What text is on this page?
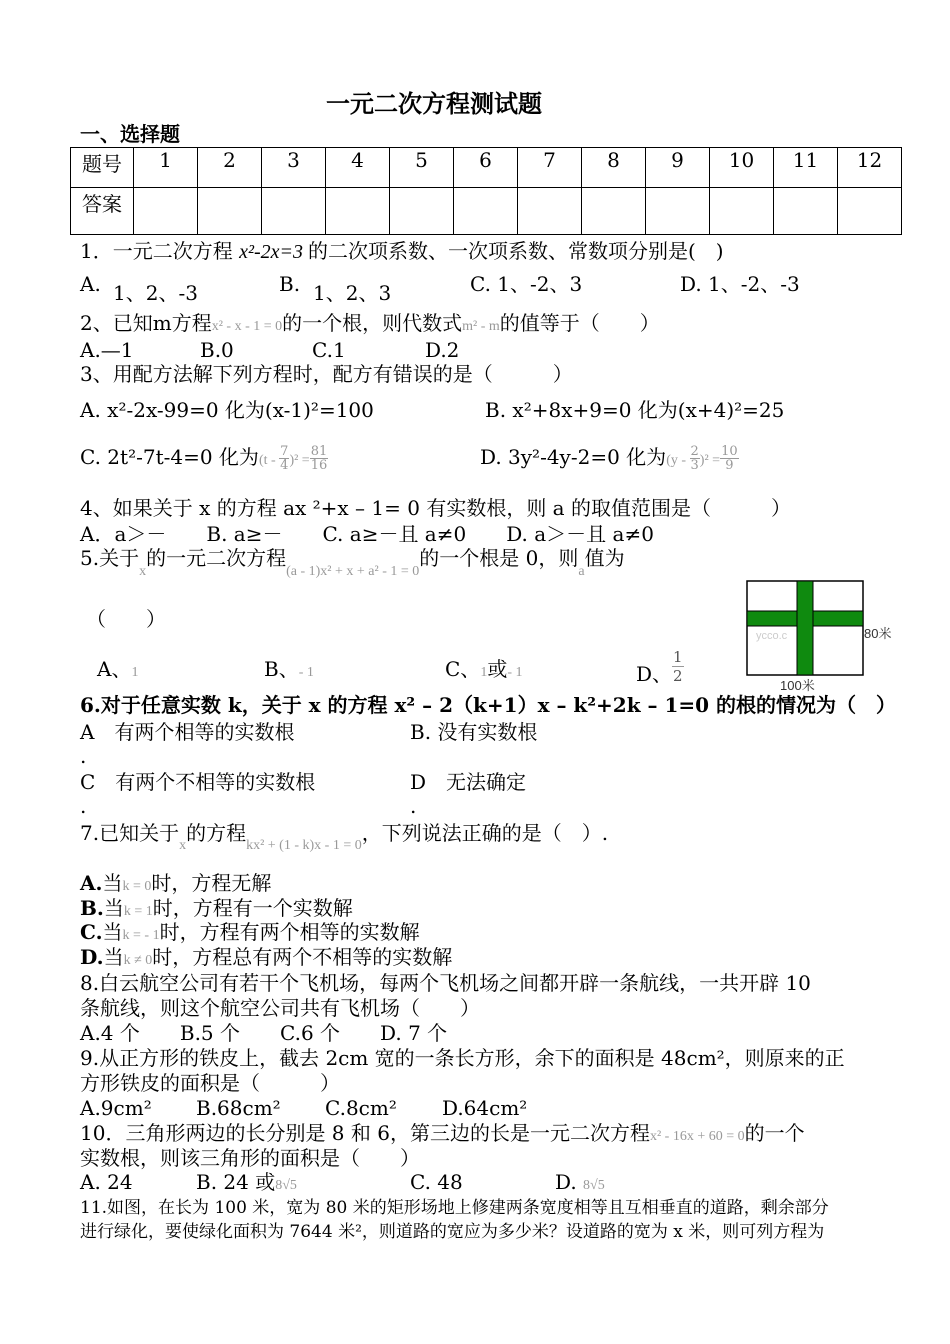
一元二次方程测试题
一、选择题
题号	1	2	3	4	5	6	7	8	9	10	11	12
答案												
1．一元二次方程 x²-2x=3 的二次项系数、一次项系数、常数项分别是(　)
A. 1、2、-3	B. 1、2、3	C. 1、-2、3	D. 1、-2、-3
2、已知m方程x² - x - 1 = 0的一个根，则代数式m² - m的值等于（　　）
A.—1	B.0	C.1	D.2
3、用配方法解下列方程时，配方有错误的是（　　　）
A. x²-2x-99=0 化为(x-1)²=100	B. x²+8x+9=0 化为(x+4)²=25
C. 2t²-7t-4=0 化为$(t - \frac{7}{4} )^2 = \frac{81}{16}$	D. 3y²-4y-2=0 化为$(y - \frac{2}{3} )^2 = \frac{10}{9}$
4、如果关于 x 的方程 ax ²+x – 1= 0 有实数根，则 a 的取值范围是（　　　）
A．a＞－　　B. a≥－　　C. a≥－且 a≠0　　D. a＞－且 a≠0
5.关于$_x$的一元二次方程$_{(a - 1)x^2 + x + a^2 - 1 = 0}$的一个根是 0，则$_a$值为
（　　）
A、1	B、- 1	C、1或- 1	D、 $\frac{1}{2}$
ycco.c	80米
100米
6.对于任意实数 k，关于 x 的方程 x² – 2（k+1）x – k²+2k – 1=0 的根的情况为（　）
A　有两个相等的实数根	B. 没有实数根
.
C　有两个不相等的实数根	D　无法确定
.	.
7.已知关于$_x$的方程$_{kx^2 + (1 - k)x - 1 = 0}$，下列说法正确的是（　）.
A.当k = 0时，方程无解
B.当k = 1时，方程有一个实数解
C.当k = - 1时，方程有两个相等的实数解
D.当k ≠ 0时，方程总有两个不相等的实数解
8.白云航空公司有若干个飞机场，每两个飞机场之间都开辟一条航线，一共开辟 10
条航线，则这个航空公司共有飞机场（　　）
A.4 个　　B.5 个　　C.6 个　　D. 7 个
9.从正方形的铁皮上，截去 2cm 宽的一条长方形，余下的面积是 48cm²，则原来的正
方形铁皮的面积是（　　　）
A.9cm² B.68cm² C.8cm² D.64cm²
10．三角形两边的长分别是 8 和 6，第三边的长是一元二次方程x² - 16x + 60 = 0的一个
实数根，则该三角形的面积是（　　）
A. 24	B. 24 或8√5	C. 48	D. 8√5
11.如图，在长为 100 米，宽为 80 米的矩形场地上修建两条宽度相等且互相垂直的道路，剩余部分
进行绿化，要使绿化面积为 7644 米²，则道路的宽应为多少米？设道路的宽为 x 米，则可列方程为
